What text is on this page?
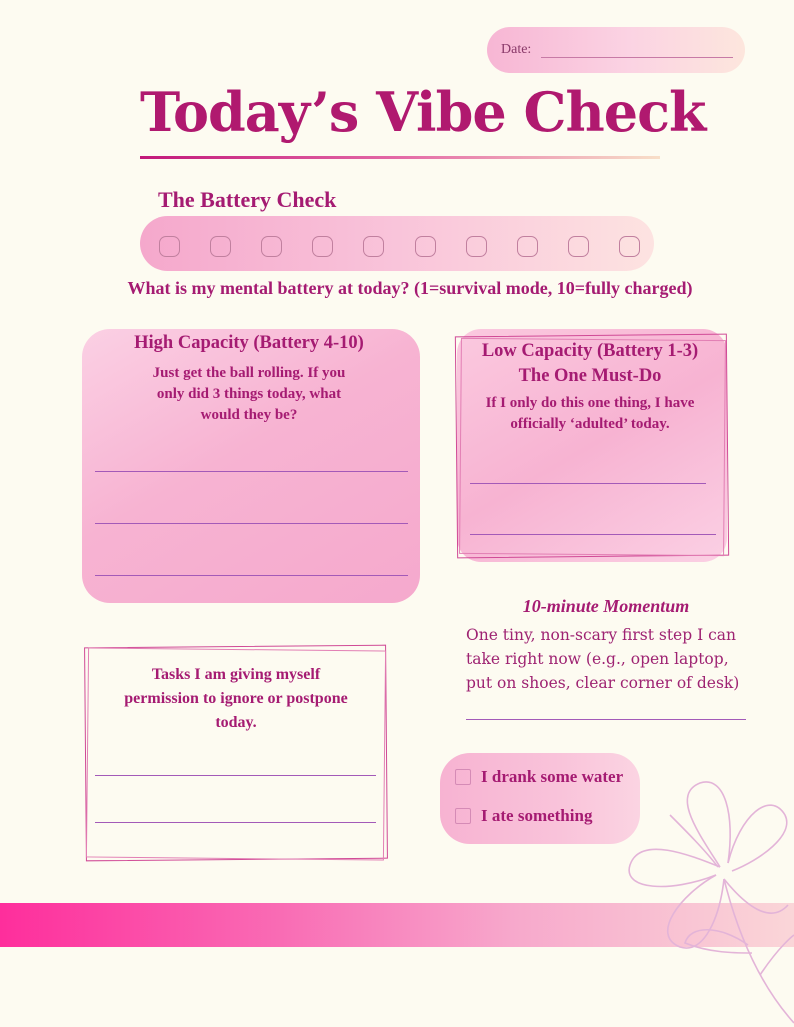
Date:
Today’s Vibe Check
The Battery Check
What is my mental battery at today? (1=survival mode, 10=fully charged)
High Capacity (Battery 4-10)
Just get the ball rolling. If you
only did 3 things today, what
would they be?
Low Capacity (Battery 1-3)
The One Must-Do
If I only do this one thing, I have
officially ‘adulted’ today.
10-minute Momentum
One tiny, non-scary first step I can
take right now (e.g., open laptop,
put on shoes, clear corner of desk)
Tasks I am giving myself
permission to ignore or postpone
today.
I drank some water
I ate something
